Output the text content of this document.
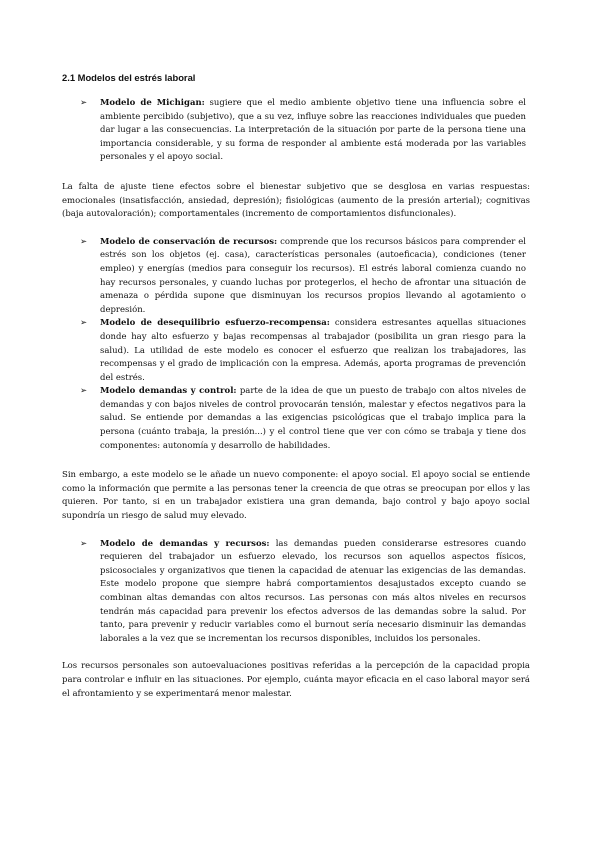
2.1 Modelos del estrés laboral
➢ Modelo de Michigan: sugiere que el medio ambiente objetivo tiene una influencia sobre el ambiente percibido (subjetivo), que a su vez, influye sobre las reacciones individuales que pueden dar lugar a las consecuencias. La interpretación de la situación por parte de la persona tiene una importancia considerable, y su forma de responder al ambiente está moderada por las variables personales y el apoyo social.

La falta de ajuste tiene efectos sobre el bienestar subjetivo que se desglosa en varias respuestas: emocionales (insatisfacción, ansiedad, depresión); fisiológicas (aumento de la presión arterial); cognitivas (baja autovaloración); comportamentales (incremento de comportamientos disfuncionales).

➢ Modelo de conservación de recursos: comprende que los recursos básicos para comprender el estrés son los objetos (ej. casa), características personales (autoeficacia), condiciones (tener empleo) y energías (medios para conseguir los recursos). El estrés laboral comienza cuando no hay recursos personales, y cuando luchas por protegerlos, el hecho de afrontar una situación de amenaza o pérdida supone que disminuyan los recursos propios llevando al agotamiento o depresión.

➢ Modelo de desequilibrio esfuerzo-recompensa: considera estresantes aquellas situaciones donde hay alto esfuerzo y bajas recompensas al trabajador (posibilita un gran riesgo para la salud). La utilidad de este modelo es conocer el esfuerzo que realizan los trabajadores, las recompensas y el grado de implicación con la empresa. Además, aporta programas de prevención del estrés.

➢ Modelo demandas y control: parte de la idea de que un puesto de trabajo con altos niveles de demandas y con bajos niveles de control provocarán tensión, malestar y efectos negativos para la salud. Se entiende por demandas a las exigencias psicológicas que el trabajo implica para la persona (cuánto trabaja, la presión...) y el control tiene que ver con cómo se trabaja y tiene dos componentes: autonomía y desarrollo de habilidades.

Sin embargo, a este modelo se le añade un nuevo componente: el apoyo social. El apoyo social se entiende como la información que permite a las personas tener la creencia de que otras se preocupan por ellos y las quieren. Por tanto, si en un trabajador existiera una gran demanda, bajo control y bajo apoyo social supondría un riesgo de salud muy elevado.

➢ Modelo de demandas y recursos: las demandas pueden considerarse estresores cuando requieren del trabajador un esfuerzo elevado, los recursos son aquellos aspectos físicos, psicosociales y organizativos que tienen la capacidad de atenuar las exigencias de las demandas. Este modelo propone que siempre habrá comportamientos desajustados excepto cuando se combinan altas demandas con altos recursos. Las personas con más altos niveles en recursos tendrán más capacidad para prevenir los efectos adversos de las demandas sobre la salud. Por tanto, para prevenir y reducir variables como el burnout sería necesario disminuir las demandas laborales a la vez que se incrementan los recursos disponibles, incluidos los personales.

Los recursos personales son autoevaluaciones positivas referidas a la percepción de la capacidad propia para controlar e influir en las situaciones. Por ejemplo, cuánta mayor eficacia en el caso laboral mayor será el afrontamiento y se experimentará menor malestar.
